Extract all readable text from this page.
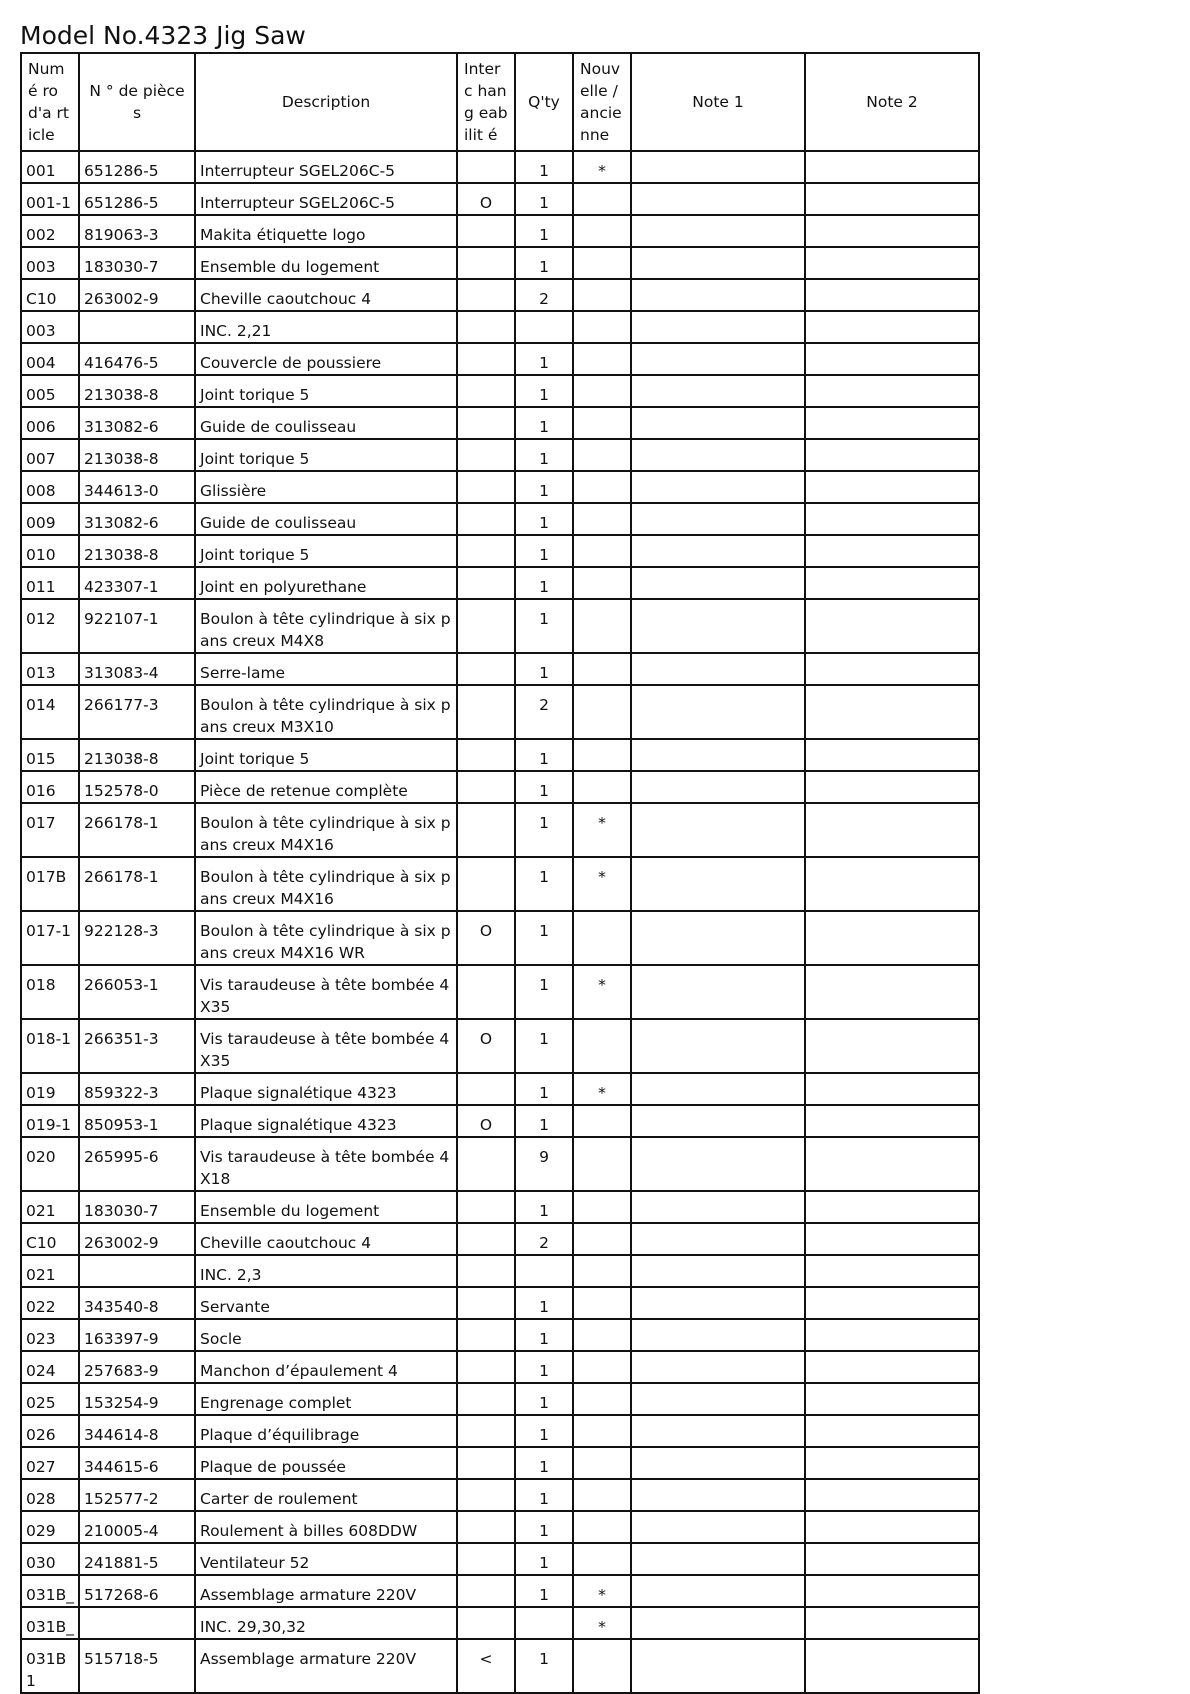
Model No.4323 Jig Saw
Numé ro d'a rticle	N ° de pièces	Description	Interc hang eabilit é	Q'ty	Nouv elle / ancie nne	Note 1	Note 2
001	651286-5	Interrupteur SGEL206C-5		1	*		
001-1	651286-5	Interrupteur SGEL206C-5	O	1			
002	819063-3	Makita étiquette logo		1			
003	183030-7	Ensemble du logement		1			
C10	263002-9	Cheville caoutchouc 4		2			
003		INC. 2,21					
004	416476-5	Couvercle de poussiere		1			
005	213038-8	Joint torique 5		1			
006	313082-6	Guide de coulisseau		1			
007	213038-8	Joint torique 5		1			
008	344613-0	Glissière		1			
009	313082-6	Guide de coulisseau		1			
010	213038-8	Joint torique 5		1			
011	423307-1	Joint en polyurethane		1			
012	922107-1	Boulon à tête cylindrique à six pans creux M4X8		1			
013	313083-4	Serre-lame		1			
014	266177-3	Boulon à tête cylindrique à six pans creux M3X10		2			
015	213038-8	Joint torique 5		1			
016	152578-0	Pièce de retenue complète		1			
017	266178-1	Boulon à tête cylindrique à six pans creux M4X16		1	*		
017B	266178-1	Boulon à tête cylindrique à six pans creux M4X16		1	*		
017-1	922128-3	Boulon à tête cylindrique à six pans creux M4X16 WR	O	1			
018	266053-1	Vis taraudeuse à tête bombée 4X35		1	*		
018-1	266351-3	Vis taraudeuse à tête bombée 4X35	O	1			
019	859322-3	Plaque signalétique 4323		1	*		
019-1	850953-1	Plaque signalétique 4323	O	1			
020	265995-6	Vis taraudeuse à tête bombée 4X18		9			
021	183030-7	Ensemble du logement		1			
C10	263002-9	Cheville caoutchouc 4		2			
021		INC. 2,3					
022	343540-8	Servante		1			
023	163397-9	Socle		1			
024	257683-9	Manchon d’épaulement 4		1			
025	153254-9	Engrenage complet		1			
026	344614-8	Plaque d’équilibrage		1			
027	344615-6	Plaque de poussée		1			
028	152577-2	Carter de roulement		1			
029	210005-4	Roulement à billes 608DDW		1			
030	241881-5	Ventilateur 52		1			
031B_	517268-6	Assemblage armature 220V		1	*		
031B_		INC. 29,30,32			*		
031B1	515718-5	Assemblage armature 220V	<	1			
